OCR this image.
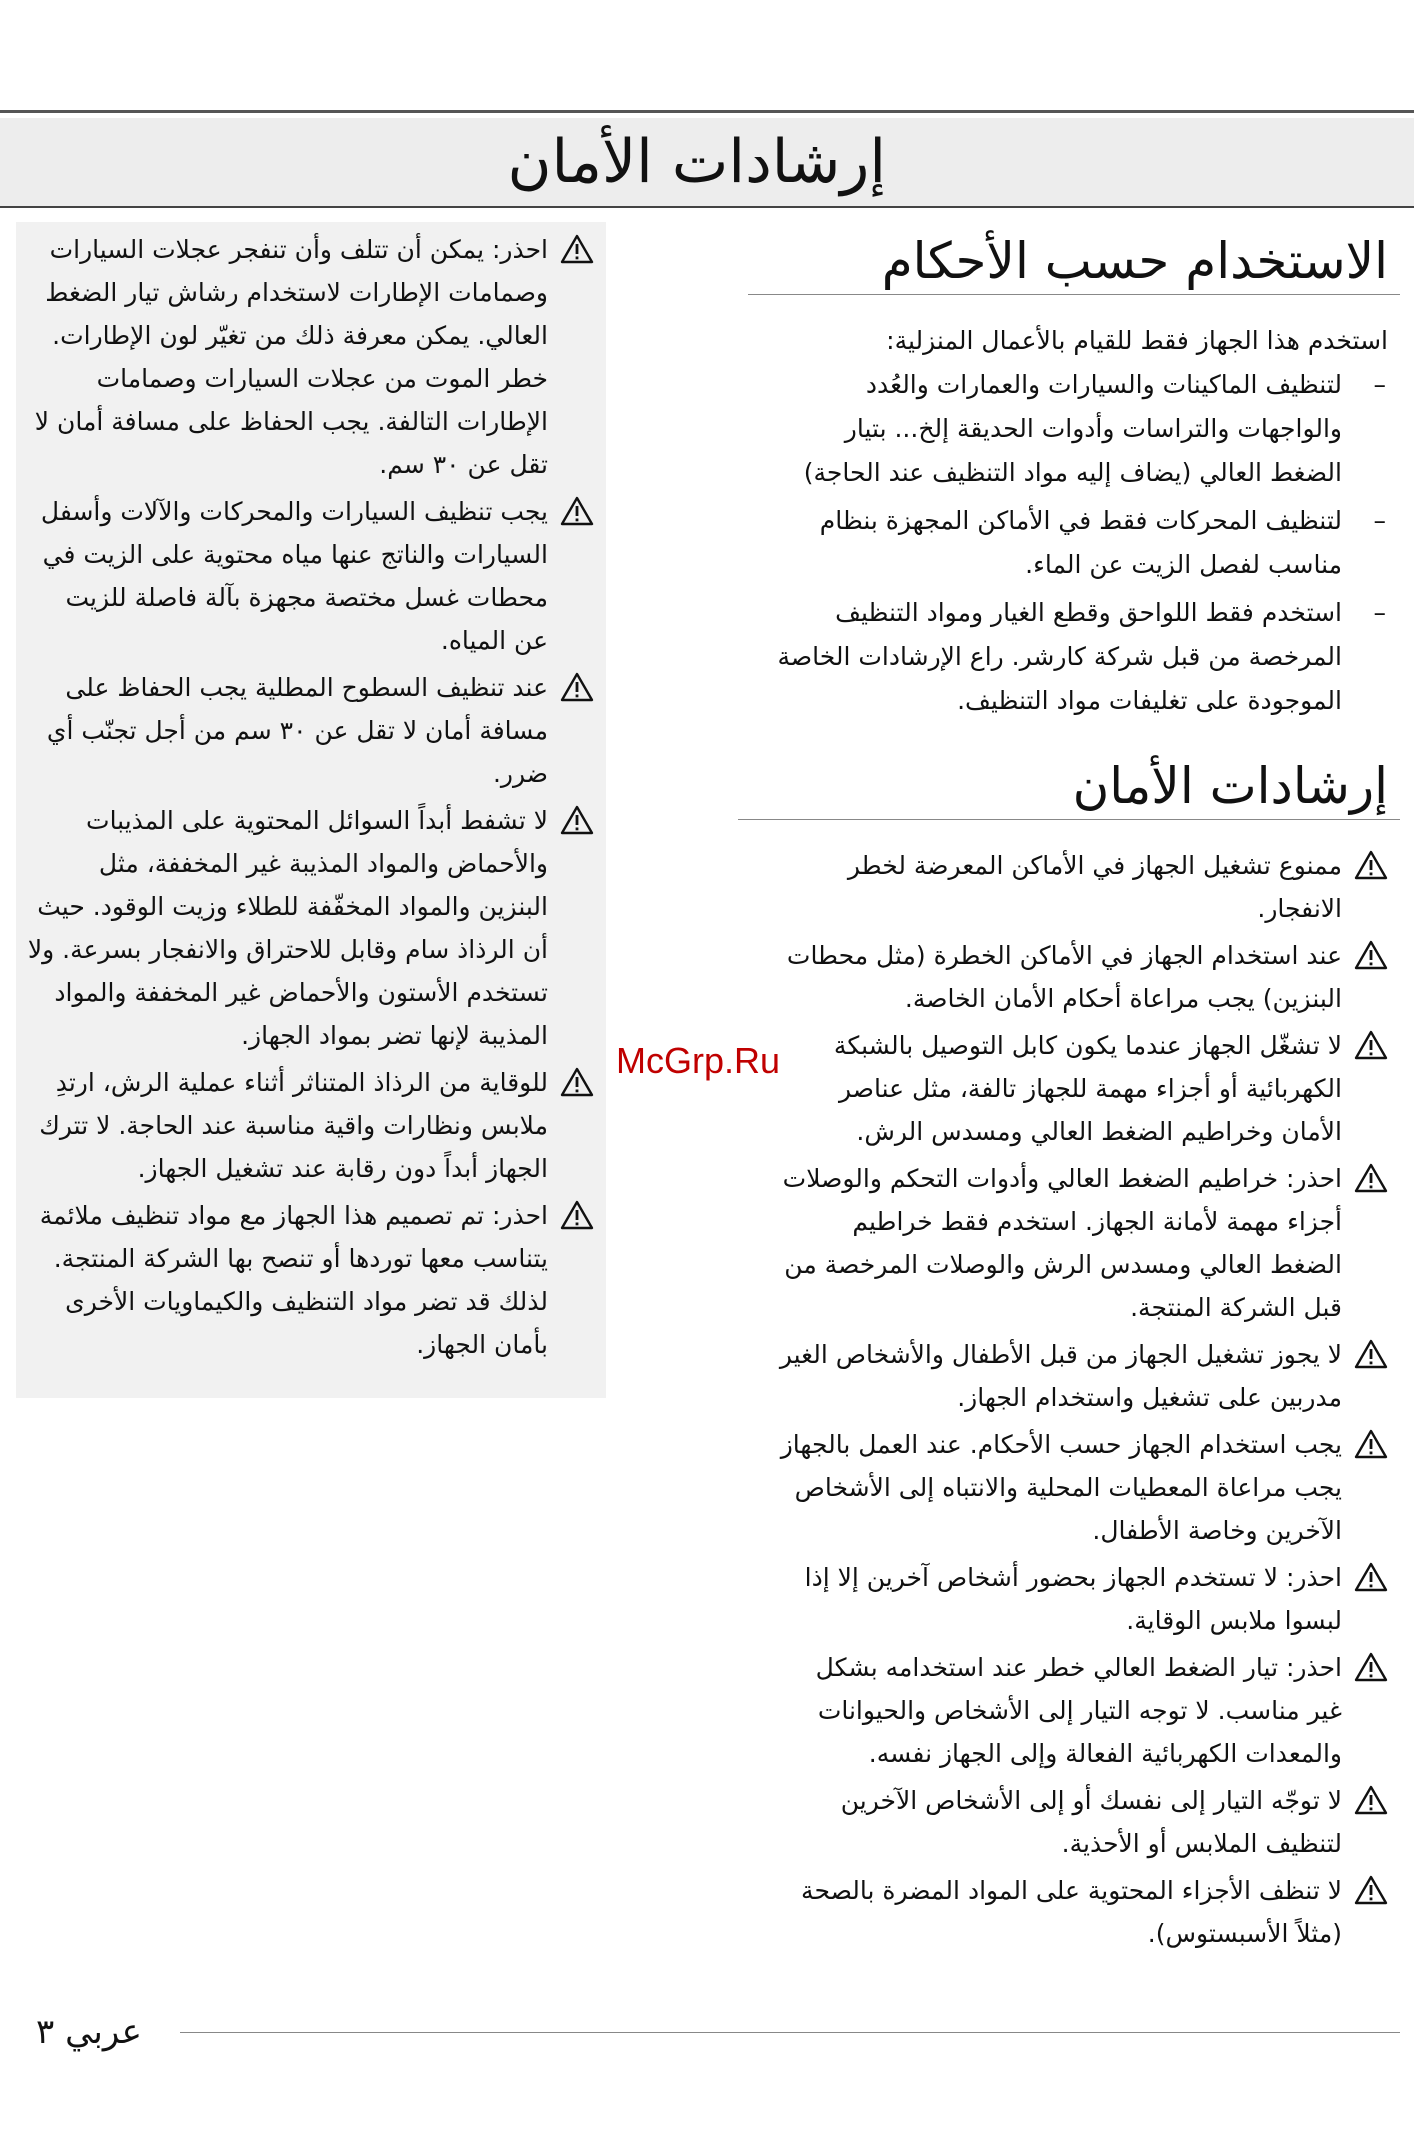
إرشادات الأمان
الاستخدام حسب الأحكام

استخدم هذا الجهاز فقط للقيام بالأعمال المنزلية:

–
لتنظيف الماكينات والسيارات والعمارات والعُدد والواجهات والتراسات وأدوات الحديقة إلخ... بتيار الضغط العالي (يضاف إليه مواد التنظيف عند الحاجة)
–
لتنظيف المحركات فقط في الأماكن المجهزة بنظام مناسب لفصل الزيت عن الماء.
–
استخدم فقط اللواحق وقطع الغيار ومواد التنظيف المرخصة من قبل شركة كارشر. راع الإرشادات الخاصة الموجودة على تغليفات مواد التنظيف.
إرشادات الأمان
ممنوع تشغيل الجهاز في الأماكن المعرضة لخطر الانفجار.
عند استخدام الجهاز في الأماكن الخطرة (مثل محطات البنزين) يجب مراعاة أحكام الأمان الخاصة.
لا تشغّل الجهاز عندما يكون كابل التوصيل بالشبكة الكهربائية أو أجزاء مهمة للجهاز تالفة، مثل عناصر الأمان وخراطيم الضغط العالي ومسدس الرش.
احذر: خراطيم الضغط العالي وأدوات التحكم والوصلات أجزاء مهمة لأمانة الجهاز. استخدم فقط خراطيم الضغط العالي ومسدس الرش والوصلات المرخصة من قبل الشركة المنتجة.
لا يجوز تشغيل الجهاز من قبل الأطفال والأشخاص الغير مدربين على تشغيل واستخدام الجهاز.
يجب استخدام الجهاز حسب الأحكام. عند العمل بالجهاز يجب مراعاة المعطيات المحلية والانتباه إلى الأشخاص الآخرين وخاصة الأطفال.
احذر: لا تستخدم الجهاز بحضور أشخاص آخرين إلا إذا لبسوا ملابس الوقاية.
احذر: تيار الضغط العالي خطر عند استخدامه بشكل غير مناسب. لا توجه التيار إلى الأشخاص والحيوانات والمعدات الكهربائية الفعالة وإلى الجهاز نفسه.
لا توجّه التيار إلى نفسك أو إلى الأشخاص الآخرين لتنظيف الملابس أو الأحذية.
لا تنظف الأجزاء المحتوية على المواد المضرة بالصحة (مثلاً الأسبستوس).
احذر: يمكن أن تتلف وأن تنفجر عجلات السيارات وصمامات الإطارات لاستخدام رشاش تيار الضغط العالي. يمكن معرفة ذلك من تغيّر لون الإطارات. خطر الموت من عجلات السيارات وصمامات الإطارات التالفة. يجب الحفاظ على مسافة أمان لا تقل عن ٣٠ سم.
يجب تنظيف السيارات والمحركات والآلات وأسفل السيارات والناتج عنها مياه محتوية على الزيت في محطات غسل مختصة مجهزة بآلة فاصلة للزيت عن المياه.
عند تنظيف السطوح المطلية يجب الحفاظ على مسافة أمان لا تقل عن ٣٠ سم من أجل تجنّب أي ضرر.
لا تشفط أبداً السوائل المحتوية على المذيبات والأحماض والمواد المذيبة غير المخففة، مثل البنزين والمواد المخفّفة للطلاء وزيت الوقود. حيث أن الرذاذ سام وقابل للاحتراق والانفجار بسرعة. ولا تستخدم الأستون والأحماض غير المخففة والمواد المذيبة لإنها تضر بمواد الجهاز.
للوقاية من الرذاذ المتناثر أثناء عملية الرش، ارتدِ ملابس ونظارات واقية مناسبة عند الحاجة. لا تترك الجهاز أبداً دون رقابة عند تشغيل الجهاز.
احذر: تم تصميم هذا الجهاز مع مواد تنظيف ملائمة يتناسب معها توردها أو تنصح بها الشركة المنتجة. لذلك قد تضر مواد التنظيف والكيماويات الأخرى بأمان الجهاز.
McGrp.Ru
عربي ٣
